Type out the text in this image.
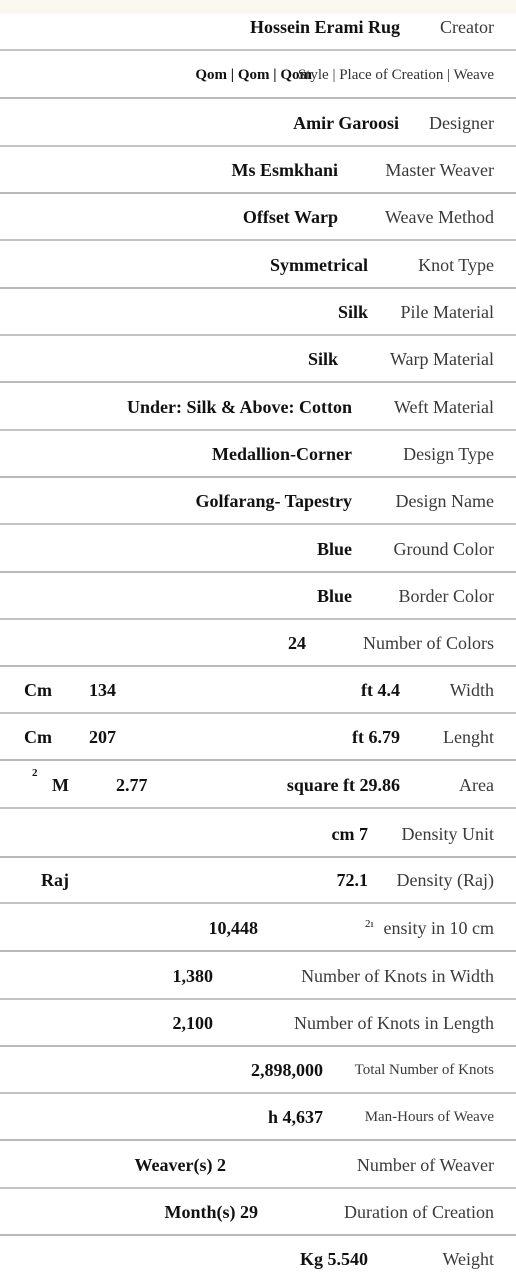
Hossein Erami Rug Creator
Qom | Qom | Qom
Style | Place of Creation | Weave
Amir Garoosi Designer
Ms Esmkhani	Master Weaver
Offset Warp	Weave Method
Symmetrical	Knot Type
Silk Pile Material
Silk	Warp Material
Under: Silk & Above: Cotton Weft Material
Medallion-Corner	Design Type
Golfarang- Tapestry Design Name
Blue Ground Color
Blue	Border Color
24	Number of Colors
Cm 134	ft 4.4	Width
Cm 207	ft 6.79 Lenght
2
M	2.77	square ft 29.86	Area
cm 7 Density Unit
Raj	72.1 Density (Raj)
10,448	2ı ensity in 10 cm
1,380	Number of Knots in Width
2,100	Number of Knots in Length
2,898,000 Total Number of Knots
h 4,637	Man-Hours of Weave
Weaver(s) 2	Number of Weaver
Month(s) 29	Duration of Creation
Kg 5.540	Weight
